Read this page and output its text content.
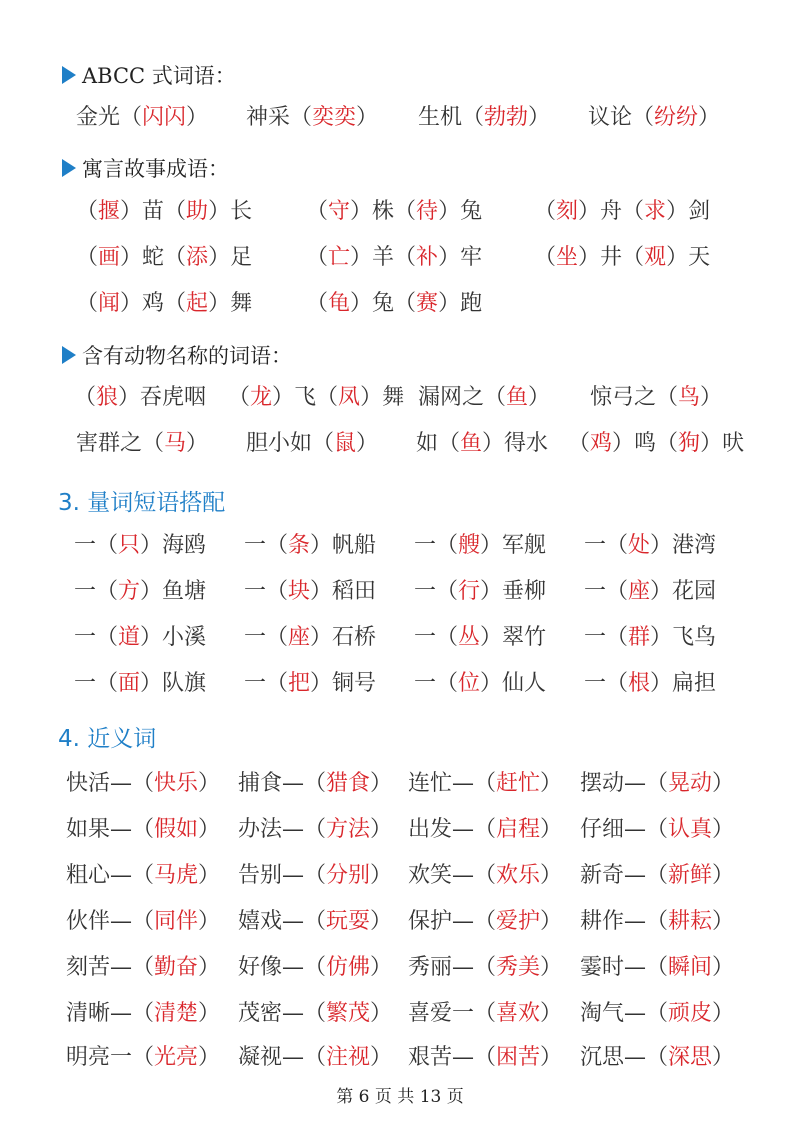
ABCC 式词语：
金光（闪闪） 神采（奕奕） 生机（勃勃） 议论（纷纷）
寓言故事成语：
（揠）苗（助）长 （守）株（待）兔 （刻）舟（求）剑
（画）蛇（添）足 （亡）羊（补）牢 （坐）井（观）天
（闻）鸡（起）舞 （龟）兔（赛）跑
含有动物名称的词语：
（狼）吞虎咽 （龙）飞（凤）舞 漏网之（鱼） 惊弓之（鸟）
害群之（马） 胆小如（鼠） 如（鱼）得水 （鸡）鸣（狗）吠
3. 量词短语搭配
一（只）海鸥 一（条）帆船 一（艘）军舰 一（处）港湾
一（方）鱼塘 一（块）稻田 一（行）垂柳 一（座）花园
一（道）小溪 一（座）石桥 一（丛）翠竹 一（群）飞鸟
一（面）队旗 一（把）铜号 一（位）仙人 一（根）扁担
4. 近义词
快活—（快乐） 捕食—（猎食） 连忙—（赶忙） 摆动—（晃动）
如果—（假如） 办法—（方法） 出发—（启程） 仔细—（认真）
粗心—（马虎） 告别—（分别） 欢笑—（欢乐） 新奇—（新鲜）
伙伴—（同伴） 嬉戏—（玩耍） 保护—（爱护） 耕作—（耕耘）
刻苦—（勤奋） 好像—（仿佛） 秀丽—（秀美） 霎时—（瞬间）
清晰—（清楚） 茂密—（繁茂） 喜爱一（喜欢） 淘气—（顽皮）
明亮一（光亮） 凝视—（注视） 艰苦—（困苦） 沉思—（深思）
第 6 页 共 13 页
